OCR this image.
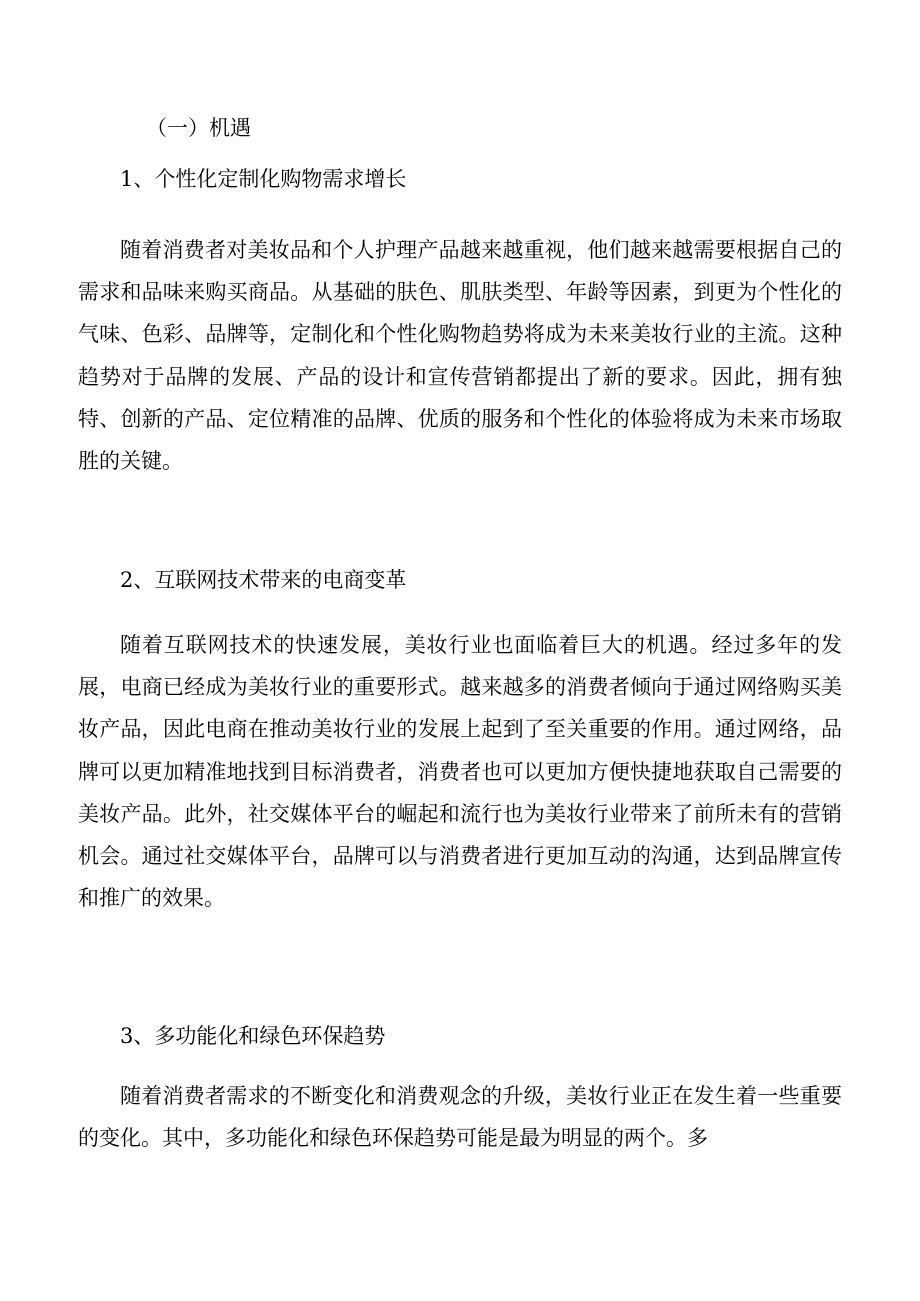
（一）机遇
1、个性化定制化购物需求增长

随着消费者对美妆品和个人护理产品越来越重视，他们越来越需要根据自己的需求和品味来购买商品。从基础的肤色、肌肤类型、年龄等因素，到更为个性化的气味、色彩、品牌等，定制化和个性化购物趋势将成为未来美妆行业的主流。这种趋势对于品牌的发展、产品的设计和宣传营销都提出了新的要求。因此，拥有独特、创新的产品、定位精准的品牌、优质的服务和个性化的体验将成为未来市场取胜的关键。

2、互联网技术带来的电商变革

随着互联网技术的快速发展，美妆行业也面临着巨大的机遇。经过多年的发展，电商已经成为美妆行业的重要形式。越来越多的消费者倾向于通过网络购买美妆产品，因此电商在推动美妆行业的发展上起到了至关重要的作用。通过网络，品牌可以更加精准地找到目标消费者，消费者也可以更加方便快捷地获取自己需要的美妆产品。此外，社交媒体平台的崛起和流行也为美妆行业带来了前所未有的营销机会。通过社交媒体平台，品牌可以与消费者进行更加互动的沟通，达到品牌宣传和推广的效果。

3、多功能化和绿色环保趋势

随着消费者需求的不断变化和消费观念的升级，美妆行业正在发生着一些重要的变化。其中，多功能化和绿色环保趋势可能是最为明显的两个。多
